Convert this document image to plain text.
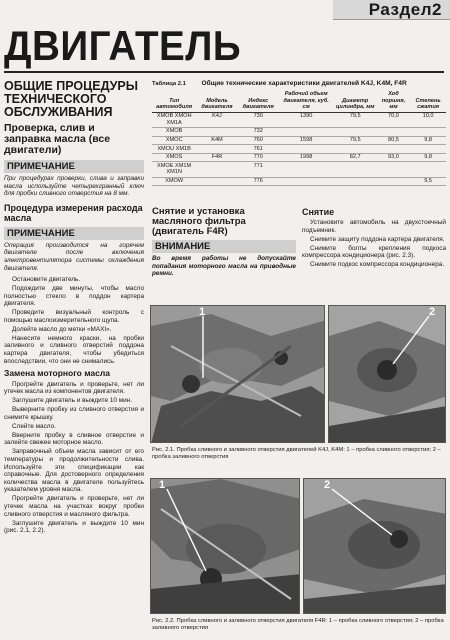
Раздел2
ДВИГАТЕЛЬ
ОБЩИЕ ПРОЦЕДУРЫ ТЕХНИЧЕСКОГО ОБСЛУЖИВАНИЯ
Проверка, слив и заправка масла (все двигатели)
ПРИМЕЧАНИЕ
При процедурах проверки, слива и заправки масла используйте четырехгранный ключ для пробки сливного отверстия на 8 мм.
Процедура измерения расхода масла
ПРИМЕЧАНИЕ
Операция производится на горячем двигателе после включения электровентилятора системы охлаждения двигателя.

Остановите двигатель.

Подождите две минуты, чтобы масло полностью стекло в поддон картера двигателя.

Проведите визуальный контроль с помощью маслоизмерительного щупа.

Долейте масло до метки «MAXI».

Нанесите немного краски, на пробки заливного и сливного отверстий поддона картера двигателя, чтобы убедиться впоследствии, что они не снимались.

Замена моторного масла

Прогрейте двигатель и проверьте, нет ли утечек масла из компонентов двигателя.

Заглушите двигатель и выждите 10 мин.

Выверните пробку из сливного отверстия и снимите крышку.

Слейте масло.

Вверните пробку в сливное отверстие и залейте свежее моторное масло.

Заправочный объем масла зависит от его температуры и продолжительности слива. Используйте эти спецификации как справочные. Для достоверного определения количества масла в двигателе пользуйтесь указателем уровня масла.

Прогрейте двигатель и проверьте, нет ли утечек масла на участках вокруг пробки сливного отверстия и масляного фильтра.

Заглушите двигатель и выждите 10 мин (рис. 2.1, 2.2).

Таблица 2.1 Общие технические характеристики двигателей K4J, K4M, F4R
Тип автомобиля	Модель двигателя	Индекс двигателя	Рабочий объем двигателя, куб. см	Диаметр цилиндра, мм	Ход поршня, мм	Степень сжатия
XMOB XMOH XM1A	K4J	730	1390	79,5	70,0	10,0
XMOB		732				
XMOC	K4M	760	1598	79,5	80,5	9,8
XMOU XM1B		761				
XMOS	F4R	770	1998	82,7	93,0	9,8
XMOE XM1M XM1N		771				
XMOW		776				9,5
Снятие и установка масляного фильтра (двигатель F4R)
ВНИМАНИЕ
Во время работы не допускайте попадания моторного масла на приводные ремни.
Снятие

Установите автомобиль на двухстоечный подъемник.

Снимите защиту поддона картера двигателя.

Снимите болты крепления подкоса компрессора кондиционера (рис. 2.3).

Снимите подкос компрессора кондиционера.

1	2
Рис. 2.1. Пробка сливного и заливного отверстия двигателей K4J, K4M: 1 – пробка сливного отверстия; 2 – пробка заливного отверстия
1	2
Рис. 2.2. Пробка сливного и заливного отверстия двигателя F4R: 1 – пробка сливного отверстия; 2 – пробка заливного отверстия
